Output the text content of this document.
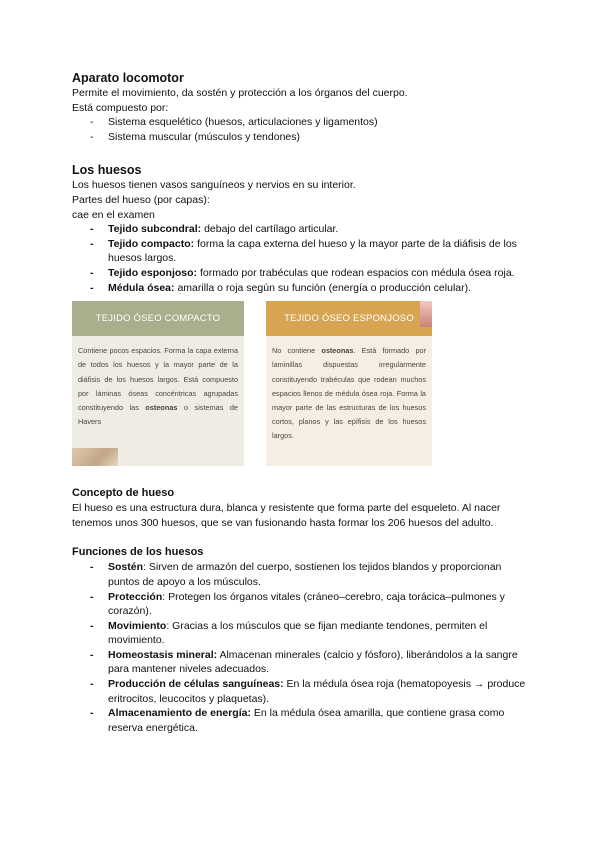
Aparato locomotor

Permite el movimiento, da sostén y protección a los órganos del cuerpo.

Está compuesto por:

- Sistema esquelético (huesos, articulaciones y ligamentos)
- Sistema muscular (músculos y tendones)
Los huesos

Los huesos tienen vasos sanguíneos y nervios en su interior.

Partes del hueso (por capas):

cae en el examen

- Tejido subcondral: debajo del cartílago articular.
- Tejido compacto: forma la capa externa del hueso y la mayor parte de la diáfisis de los huesos largos.
- Tejido esponjoso: formado por trabéculas que rodean espacios con médula ósea roja.
- Médula ósea: amarilla o roja según su función (energía o producción celular).
TEJIDO ÓSEO COMPACTO
Contiene pocos espacios. Forma la capa externa de todos los huesos y la mayor parte de la diáfisis de los huesos largos. Está compuesto por láminas óseas concéntricas agrupadas constituyendo las osteonas o sistemas de Havers
TEJIDO ÓSEO ESPONJOSO
No contiene osteonas. Está formado por laminillas dispuestas irregularmente constituyendo trabéculas que rodean muchos espacios llenos de médula ósea roja. Forma la mayor parte de las estructuras de los huesos cortos, planos y las epífisis de los huesos largos.
Concepto de hueso

El hueso es una estructura dura, blanca y resistente que forma parte del esqueleto. Al nacer tenemos unos 300 huesos, que se van fusionando hasta formar los 206 huesos del adulto.

Funciones de los huesos
- Sostén: Sirven de armazón del cuerpo, sostienen los tejidos blandos y proporcionan puntos de apoyo a los músculos.
- Protección: Protegen los órganos vitales (cráneo–cerebro, caja torácica–pulmones y corazón).
- Movimiento: Gracias a los músculos que se fijan mediante tendones, permiten el movimiento.
- Homeostasis mineral: Almacenan minerales (calcio y fósforo), liberándolos a la sangre para mantener niveles adecuados.
- Producción de células sanguíneas: En la médula ósea roja (hematopoyesis → produce eritrocitos, leucocitos y plaquetas).
- Almacenamiento de energía: En la médula ósea amarilla, que contiene grasa como reserva energética.
